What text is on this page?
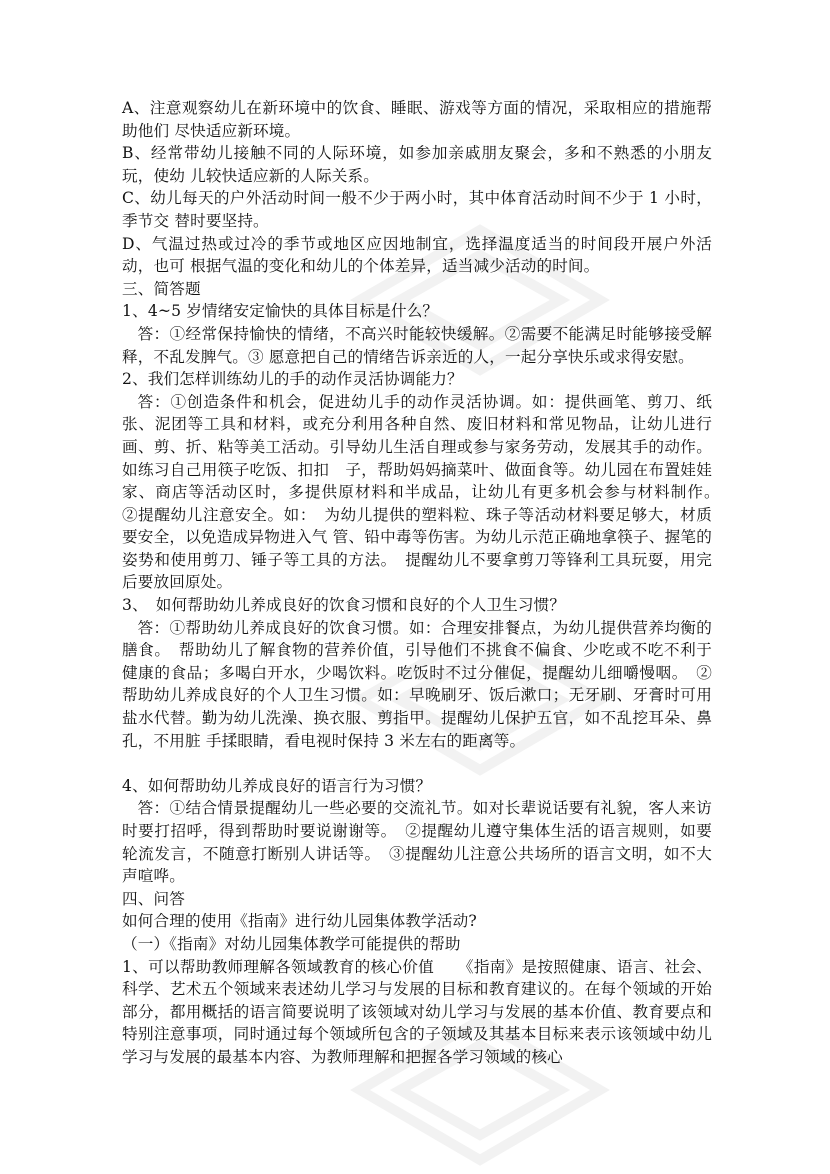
A、注意观察幼儿在新环境中的饮食、睡眠、游戏等方面的情况，采取相应的措施帮助他们 尽快适应新环境。

B、经常带幼儿接触不同的人际环境，如参加亲戚朋友聚会，多和不熟悉的小朋友玩，使幼 儿较快适应新的人际关系。

C、幼儿每天的户外活动时间一般不少于两小时，其中体育活动时间不少于 1 小时，季节交 替时要坚持。

D、气温过热或过冷的季节或地区应因地制宜，选择温度适当的时间段开展户外活动，也可 根据气温的变化和幼儿的个体差异，适当减少活动的时间。

三、简答题

1、4~5 岁情绪安定愉快的具体目标是什么？

答：①经常保持愉快的情绪，不高兴时能较快缓解。②需要不能满足时能够接受解释，不乱发脾气。③ 愿意把自己的情绪告诉亲近的人，一起分享快乐或求得安慰。

2、我们怎样训练幼儿的手的动作灵活协调能力？

答：①创造条件和机会，促进幼儿手的动作灵活协调。如：提供画笔、剪刀、纸张、泥团等工具和材料，或充分利用各种自然、废旧材料和常见物品，让幼儿进行画、剪、折、粘等美工活动。引导幼儿生活自理或参与家务劳动，发展其手的动作。如练习自己用筷子吃饭、扣扣　子，帮助妈妈摘菜叶、做面食等。幼儿园在布置娃娃家、商店等活动区时，多提供原材料和半成品，让幼儿有更多机会参与材料制作。　②提醒幼儿注意安全。如：　为幼儿提供的塑料粒、珠子等活动材料要足够大，材质要安全，以免造成异物进入气 管、铅中毒等伤害。为幼儿示范正确地拿筷子、握笔的姿势和使用剪刀、锤子等工具的方法。　提醒幼儿不要拿剪刀等锋利工具玩耍，用完后要放回原处。

3、　如何帮助幼儿养成良好的饮食习惯和良好的个人卫生习惯？

答：①帮助幼儿养成良好的饮食习惯。如：合理安排餐点，为幼儿提供营养均衡的膳食。　帮助幼儿了解食物的营养价值，引导他们不挑食不偏食、少吃或不吃不利于健康的食品；多喝白开水，少喝饮料。吃饭时不过分催促，提醒幼儿细嚼慢咽。　②帮助幼儿养成良好的个人卫生习惯。如：早晚刷牙、饭后漱口；无牙刷、牙膏时可用盐水代替。勤为幼儿洗澡、换衣服、剪指甲。提醒幼儿保护五官，如不乱挖耳朵、鼻孔，不用脏 手揉眼睛，看电视时保持 3 米左右的距离等。

4、如何帮助幼儿养成良好的语言行为习惯？

答：①结合情景提醒幼儿一些必要的交流礼节。如对长辈说话要有礼貌，客人来访时要打招呼，得到帮助时要说谢谢等。　②提醒幼儿遵守集体生活的语言规则，如要轮流发言，不随意打断别人讲话等。　③提醒幼儿注意公共场所的语言文明，如不大声喧哗。

四、问答

如何合理的使用《指南》进行幼儿园集体教学活动?

（一）《指南》对幼儿园集体教学可能提供的帮助

1、可以帮助教师理解各领域教育的核心价值　　《指南》是按照健康、语言、社会、科学、艺术五个领域来表述幼儿学习与发展的目标和教育建议的。在每个领域的开始部分，都用概括的语言简要说明了该领域对幼儿学习与发展的基本价值、教育要点和特别注意事项，同时通过每个领域所包含的子领域及其基本目标来表示该领域中幼儿学习与发展的最基本内容、为教师理解和把握各学习领域的核心
